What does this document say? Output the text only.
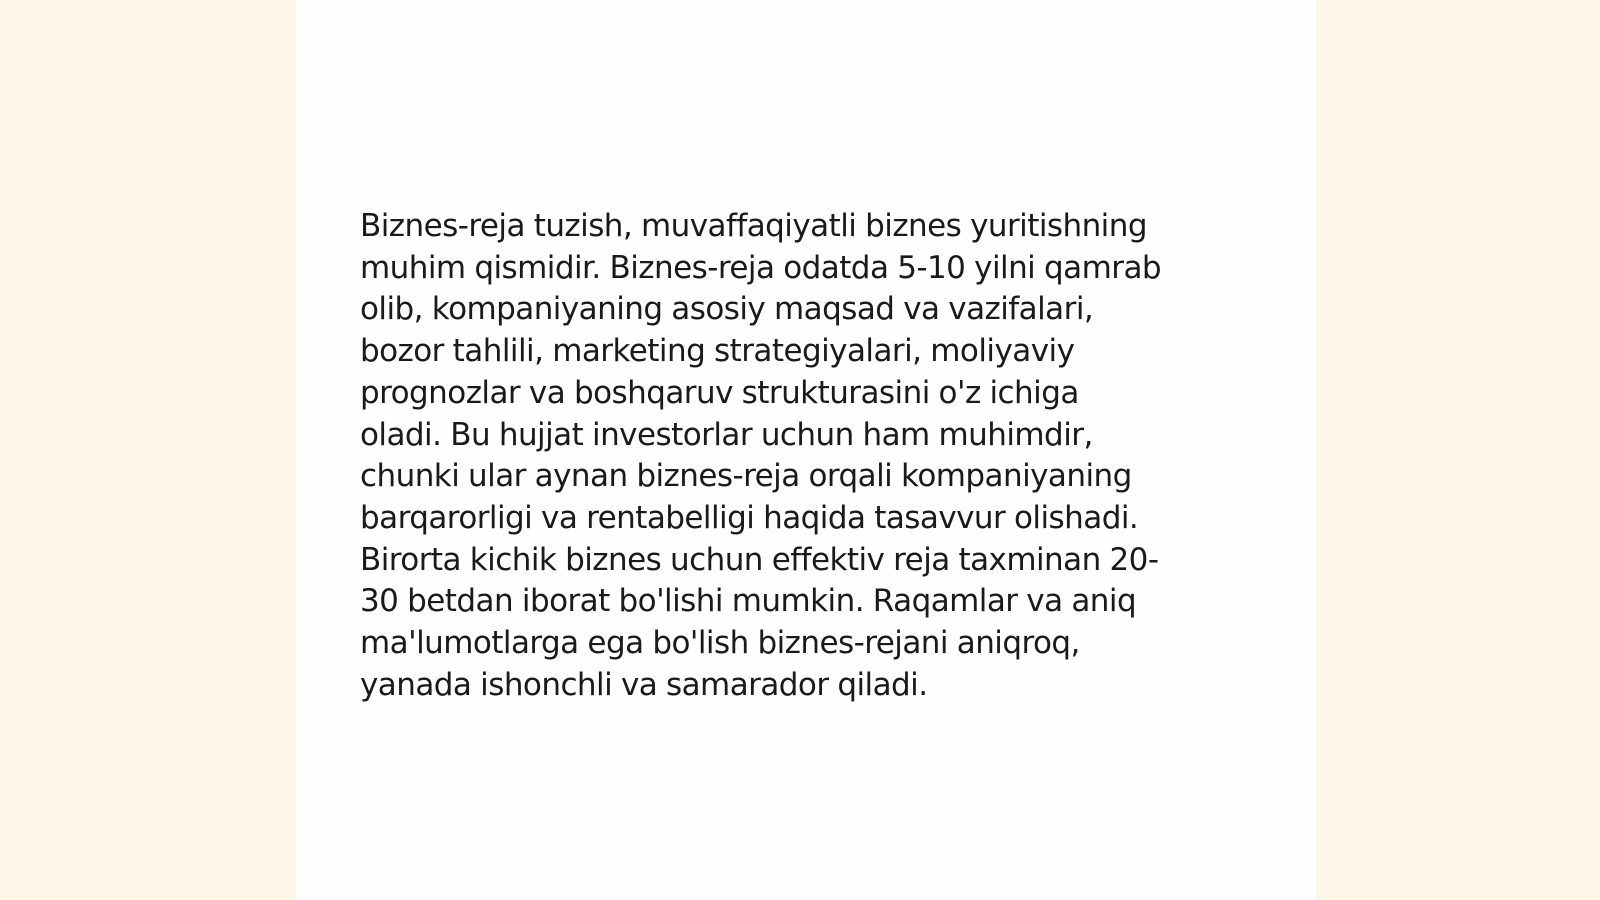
Biznes-reja tuzish, muvaffaqiyatli biznes yuritishning
muhim qismidir. Biznes-reja odatda 5-10 yilni qamrab
olib, kompaniyaning asosiy maqsad va vazifalari,
bozor tahlili, marketing strategiyalari, moliyaviy
prognozlar va boshqaruv strukturasini o'z ichiga
oladi. Bu hujjat investorlar uchun ham muhimdir,
chunki ular aynan biznes-reja orqali kompaniyaning
barqarorligi va rentabelligi haqida tasavvur olishadi.
Birorta kichik biznes uchun effektiv reja taxminan 20-
30 betdan iborat bo'lishi mumkin. Raqamlar va aniq
ma'lumotlarga ega bo'lish biznes-rejani aniqroq,
yanada ishonchli va samarador qiladi.
